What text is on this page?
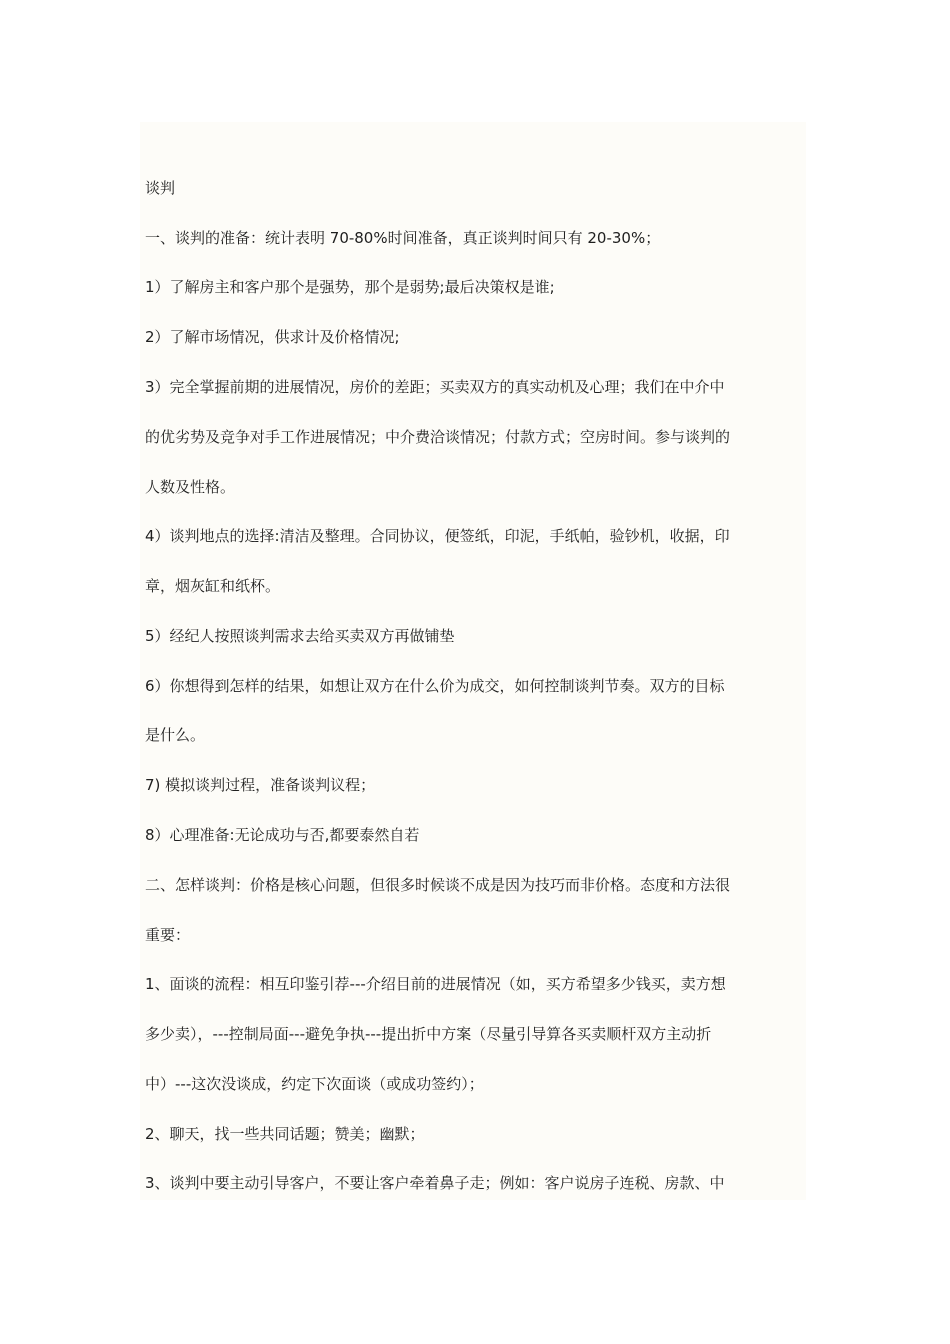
谈判

一、谈判的准备：统计表明 70-80%时间准备，真正谈判时间只有 20-30%；

1）了解房主和客户那个是强势，那个是弱势;最后决策权是谁;

2）了解市场情况，供求计及价格情况;

3）完全掌握前期的进展情况，房价的差距；买卖双方的真实动机及心理；我们在中介中

的优劣势及竞争对手工作进展情况；中介费洽谈情况；付款方式；空房时间。参与谈判的

人数及性格。

4）谈判地点的选择:清洁及整理。合同协议，便签纸，印泥，手纸帕，验钞机，收据，印

章，烟灰缸和纸杯。

5）经纪人按照谈判需求去给买卖双方再做铺垫

6）你想得到怎样的结果，如想让双方在什么价为成交，如何控制谈判节奏。双方的目标

是什么。

7) 模拟谈判过程，准备谈判议程；

8）心理准备:无论成功与否,都要泰然自若

二、怎样谈判：价格是核心问题，但很多时候谈不成是因为技巧而非价格。态度和方法很

重要：

1、面谈的流程：相互印鉴引荐---介绍目前的进展情况（如，买方希望多少钱买，卖方想

多少卖），---控制局面---避免争执---提出折中方案（尽量引导算各买卖顺杆双方主动折

中）---这次没谈成，约定下次面谈（或成功签约）；

2、聊天，找一些共同话题；赞美；幽默；

3、谈判中要主动引导客户，不要让客户牵着鼻子走；例如：客户说房子连税、房款、中
